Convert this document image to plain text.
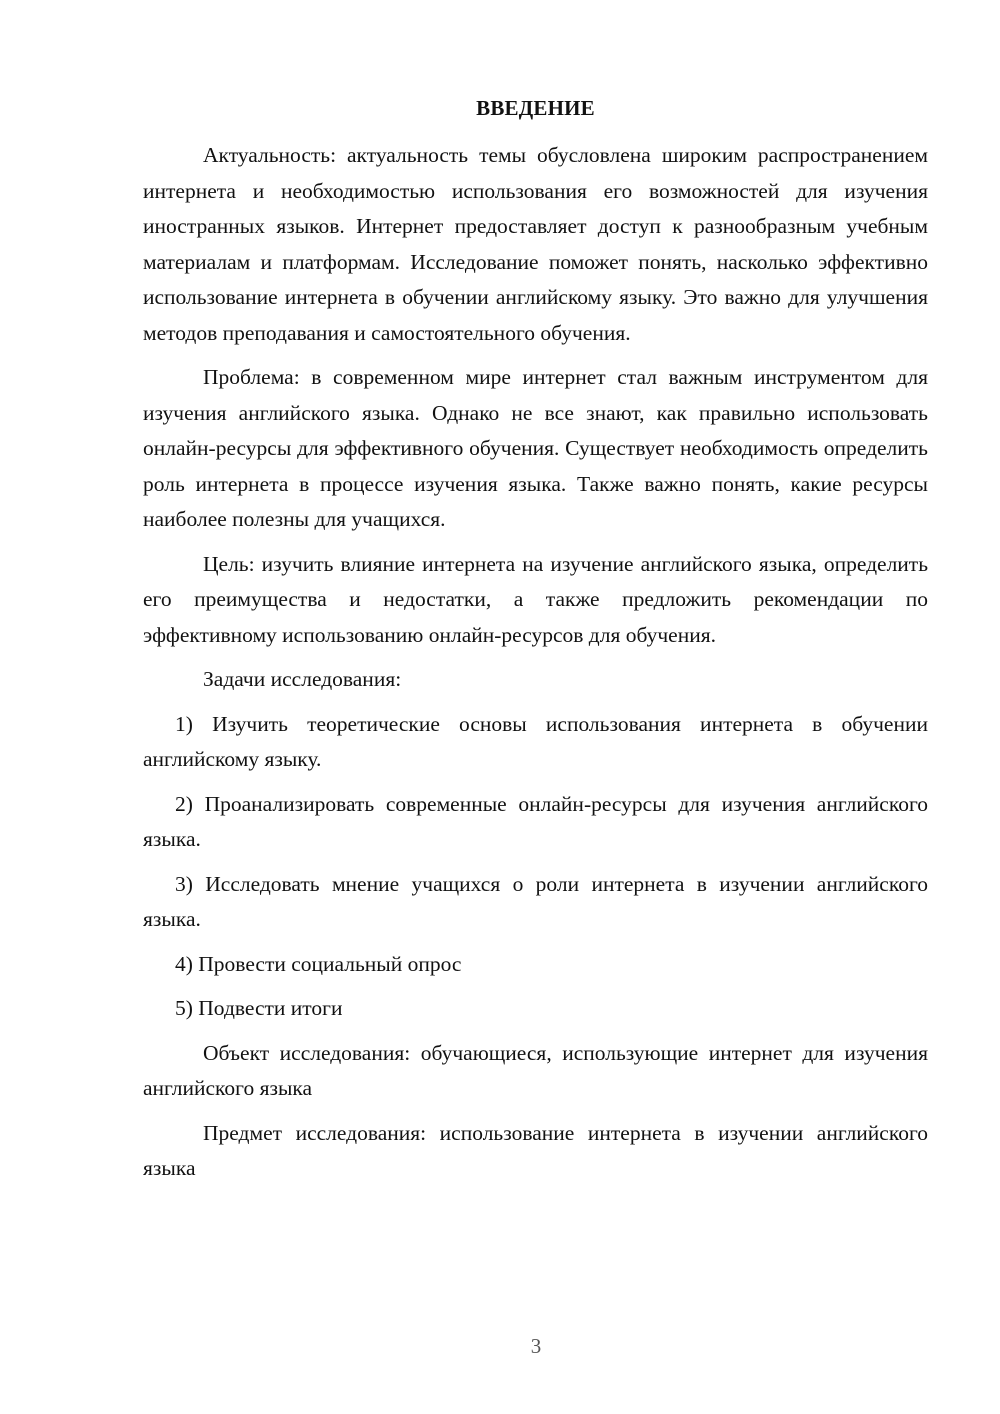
ВВЕДЕНИЕ

Актуальность: актуальность темы обусловлена широким распространением интернета и необходимостью использования его возможностей для изучения иностранных языков. Интернет предоставляет доступ к разнообразным учебным материалам и платформам. Исследование поможет понять, насколько эффективно использование интернета в обучении английскому языку. Это важно для улучшения методов преподавания и самостоятельного обучения.

Проблема: в современном мире интернет стал важным инструментом для изучения английского языка. Однако не все знают, как правильно использовать онлайн-ресурсы для эффективного обучения. Существует необходимость определить роль интернета в процессе изучения языка. Также важно понять, какие ресурсы наиболее полезны для учащихся.

Цель: изучить влияние интернета на изучение английского языка, определить его преимущества и недостатки, а также предложить рекомендации по эффективному использованию онлайн-ресурсов для обучения.

Задачи исследования:

1) Изучить теоретические основы использования интернета в обучении английскому языку.

2) Проанализировать современные онлайн-ресурсы для изучения английского языка.

3) Исследовать мнение учащихся о роли интернета в изучении английского языка.

4) Провести социальный опрос

5) Подвести итоги

Объект исследования: обучающиеся, использующие интернет для изучения английского языка

Предмет исследования: использование интернета в изучении английского языка

3
